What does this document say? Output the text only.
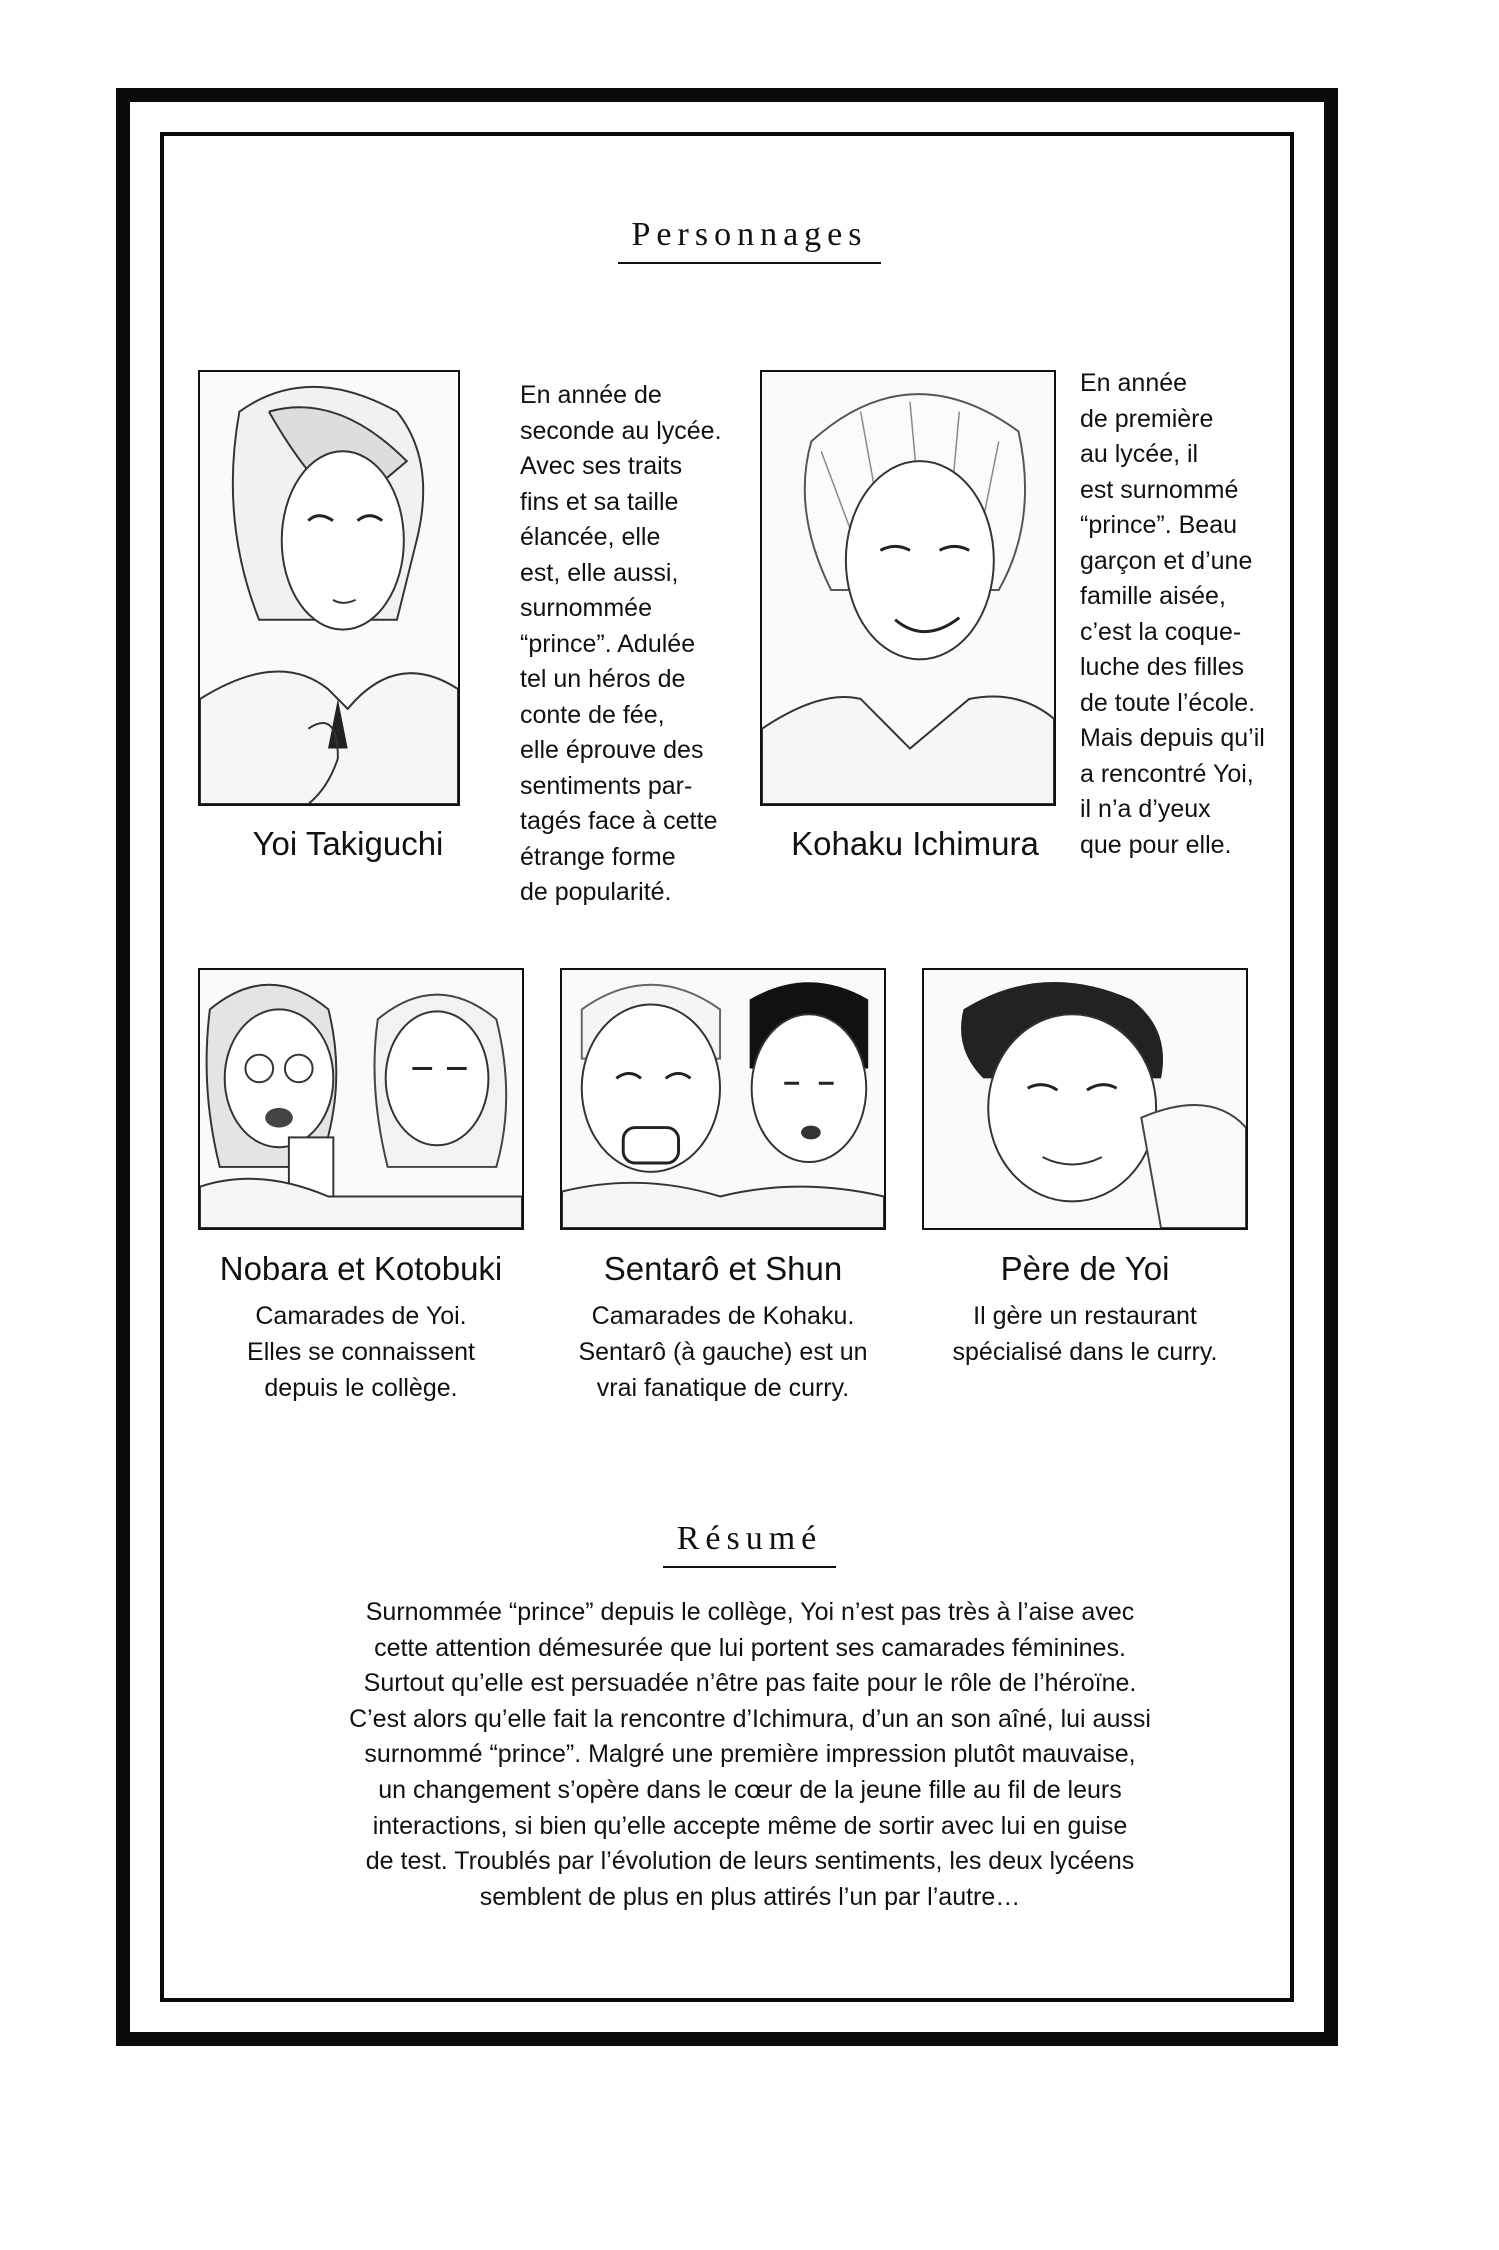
Personnages
Yoi Takiguchi
En année de
seconde au lycée.
Avec ses traits
fins et sa taille
élancée, elle
est, elle aussi,
surnommée
“prince”. Adulée
tel un héros de
conte de fée,
elle éprouve des
sentiments par-
tagés face à cette
étrange forme
de popularité.
Kohaku Ichimura
En année
de première
au lycée, il
est surnommé
“prince”. Beau
garçon et d’une
famille aisée,
c’est la coque-
luche des filles
de toute l’école.
Mais depuis qu’il
a rencontré Yoi,
il n’a d’yeux
que pour elle.
Nobara et Kotobuki
Camarades de Yoi.
Elles se connaissent
depuis le collège.
Sentarô et Shun
Camarades de Kohaku.
Sentarô (à gauche) est un
vrai fanatique de curry.
Père de Yoi
Il gère un restaurant
spécialisé dans le curry.
Résumé
Surnommée “prince” depuis le collège, Yoi n’est pas très à l’aise avec
cette attention démesurée que lui portent ses camarades féminines.
Surtout qu’elle est persuadée n’être pas faite pour le rôle de l’héroïne.
C’est alors qu’elle fait la rencontre d’Ichimura, d’un an son aîné, lui aussi
surnommé “prince”. Malgré une première impression plutôt mauvaise,
un changement s’opère dans le cœur de la jeune fille au fil de leurs
interactions, si bien qu’elle accepte même de sortir avec lui en guise
de test. Troublés par l’évolution de leurs sentiments, les deux lycéens
semblent de plus en plus attirés l’un par l’autre…
